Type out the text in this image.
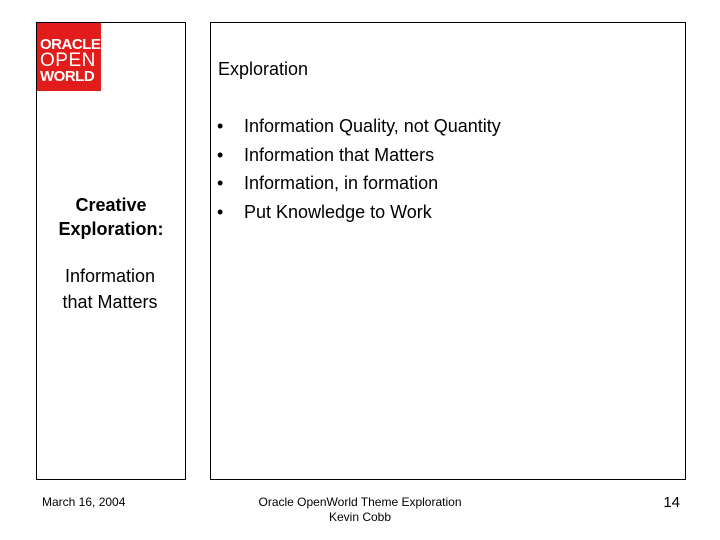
ORACLE
OPEN
WORLD
Creative
Exploration:
Information
that Matters
Exploration
•	Information Quality, not Quantity
•	Information that Matters
•	Information, in formation
•	Put Knowledge to Work
March 16, 2004	Oracle OpenWorld Theme Exploration
Kevin Cobb
14
